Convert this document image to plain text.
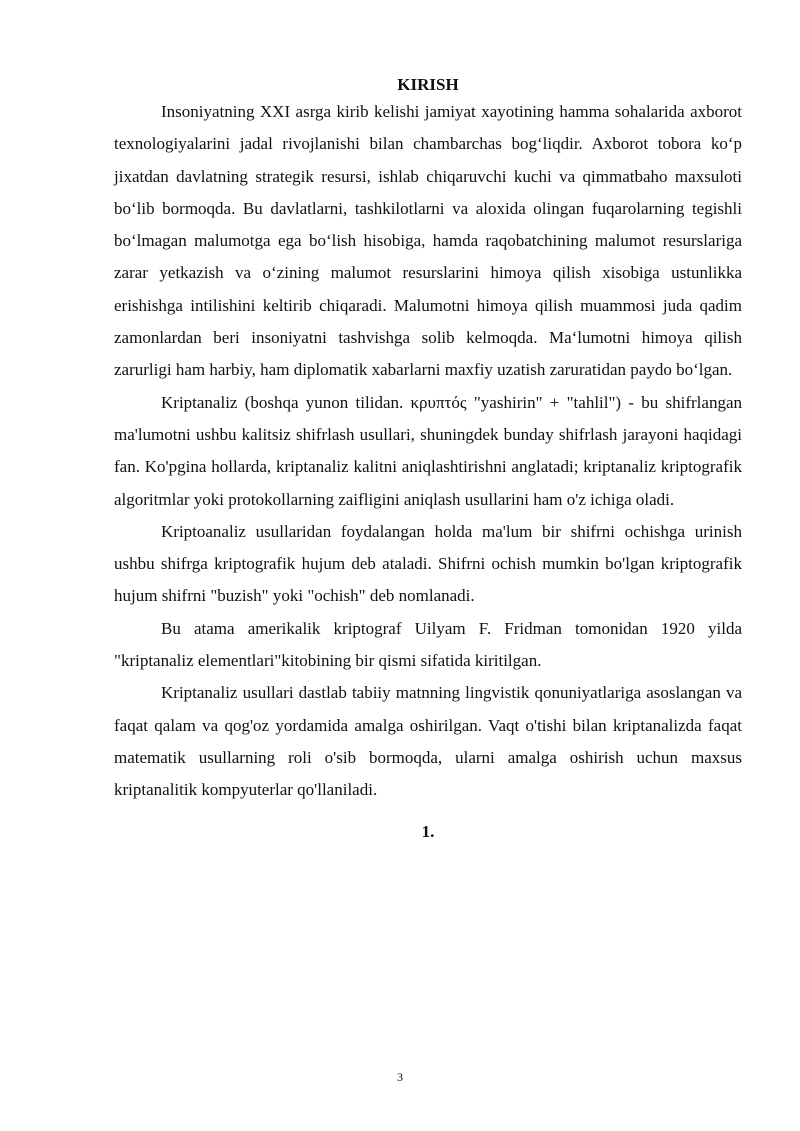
KIRISH

Insoniyatning XXI asrga kirib kelishi jamiyat xayotining hamma sohalarida axborot texnologiyalarini jadal rivojlanishi bilan chambarchas bog‘liqdir. Axborot tobora ko‘p jixatdan davlatning strategik resursi, ishlab chiqaruvchi kuchi va qimmatbaho maxsuloti bo‘lib bormoqda. Bu davlatlarni, tashkilotlarni va aloxida olingan fuqarolarning tegishli bo‘lmagan malumotga ega bo‘lish hisobiga, hamda raqobatchining malumot resurslariga zarar yetkazish va o‘zining malumot resurslarini himoya qilish xisobiga ustunlikka erishishga intilishini keltirib chiqaradi. Malumotni himoya qilish muammosi juda qadim zamonlardan beri insoniyatni tashvishga solib kelmoqda. Ma‘lumotni himoya qilish zarurligi ham harbiy, ham diplomatik xabarlarni maxfiy uzatish zaruratidan paydo bo‘lgan.

Kriptanaliz (boshqa yunon tilidan. κρυπτός "yashirin" + "tahlil") - bu shifrlangan ma'lumotni ushbu kalitsiz shifrlash usullari, shuningdek bunday shifrlash jarayoni haqidagi fan. Ko'pgina hollarda, kriptanaliz kalitni aniqlashtirishni anglatadi; kriptanaliz kriptografik algoritmlar yoki protokollarning zaifligini aniqlash usullarini ham o'z ichiga oladi.

Kriptoanaliz usullaridan foydalangan holda ma'lum bir shifrni ochishga urinish ushbu shifrga kriptografik hujum deb ataladi. Shifrni ochish mumkin bo'lgan kriptografik hujum shifrni "buzish" yoki "ochish" deb nomlanadi.

Bu atama amerikalik kriptograf Uilyam F. Fridman tomonidan 1920 yilda "kriptanaliz elementlari"kitobining bir qismi sifatida kiritilgan.

Kriptanaliz usullari dastlab tabiiy matnning lingvistik qonuniyatlariga asoslangan va faqat qalam va qog'oz yordamida amalga oshirilgan. Vaqt o'tishi bilan kriptanalizda faqat matematik usullarning roli o'sib bormoqda, ularni amalga oshirish uchun maxsus kriptanalitik kompyuterlar qo'llaniladi.

1.
3
